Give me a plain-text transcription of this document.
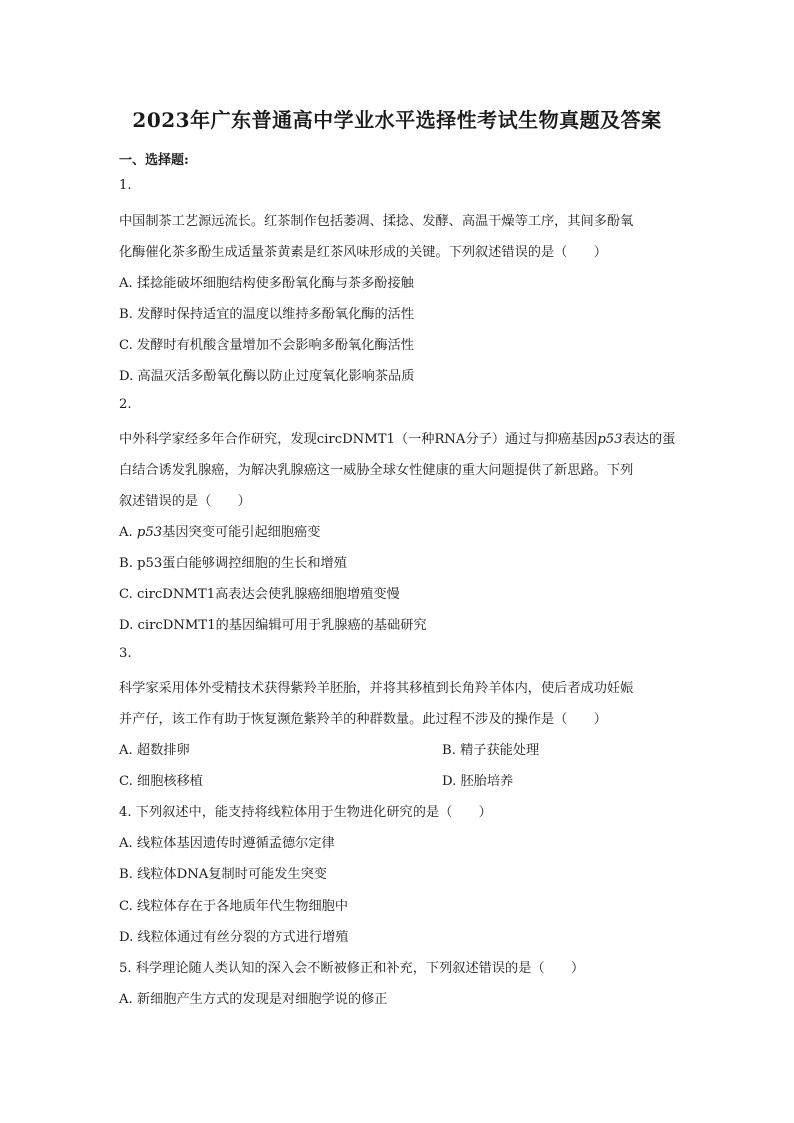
2023年广东普通高中学业水平选择性考试生物真题及答案
一、选择题:
1.
中国制茶工艺源远流长。红茶制作包括萎凋、揉捻、发酵、高温干燥等工序，其间多酚氧
化酶催化茶多酚生成适量茶黄素是红茶风味形成的关键。下列叙述错误的是（　　）
A. 揉捻能破坏细胞结构使多酚氧化酶与茶多酚接触
B. 发酵时保持适宜的温度以维持多酚氧化酶的活性
C. 发酵时有机酸含量增加不会影响多酚氧化酶活性
D. 高温灭活多酚氧化酶以防止过度氧化影响茶品质
2.
中外科学家经多年合作研究，发现circDNMT1（一种RNA分子）通过与抑癌基因p53表达的蛋
白结合诱发乳腺癌，为解决乳腺癌这一威胁全球女性健康的重大问题提供了新思路。下列
叙述错误的是（　　）
A. p53基因突变可能引起细胞癌变
B. p53蛋白能够调控细胞的生长和增殖
C. circDNMT1高表达会使乳腺癌细胞增殖变慢
D. circDNMT1的基因编辑可用于乳腺癌的基础研究
3.
科学家采用体外受精技术获得紫羚羊胚胎，并将其移植到长角羚羊体内，使后者成功妊娠
并产仔，该工作有助于恢复濒危紫羚羊的种群数量。此过程不涉及的操作是（　　）
A. 超数排卵	B. 精子获能处理
C. 细胞核移植	D. 胚胎培养
4. 下列叙述中，能支持将线粒体用于生物进化研究的是（　　）
A. 线粒体基因遗传时遵循孟德尔定律
B. 线粒体DNA复制时可能发生突变
C. 线粒体存在于各地质年代生物细胞中
D. 线粒体通过有丝分裂的方式进行增殖
5. 科学理论随人类认知的深入会不断被修正和补充，下列叙述错误的是（　　）
A. 新细胞产生方式的发现是对细胞学说的修正
